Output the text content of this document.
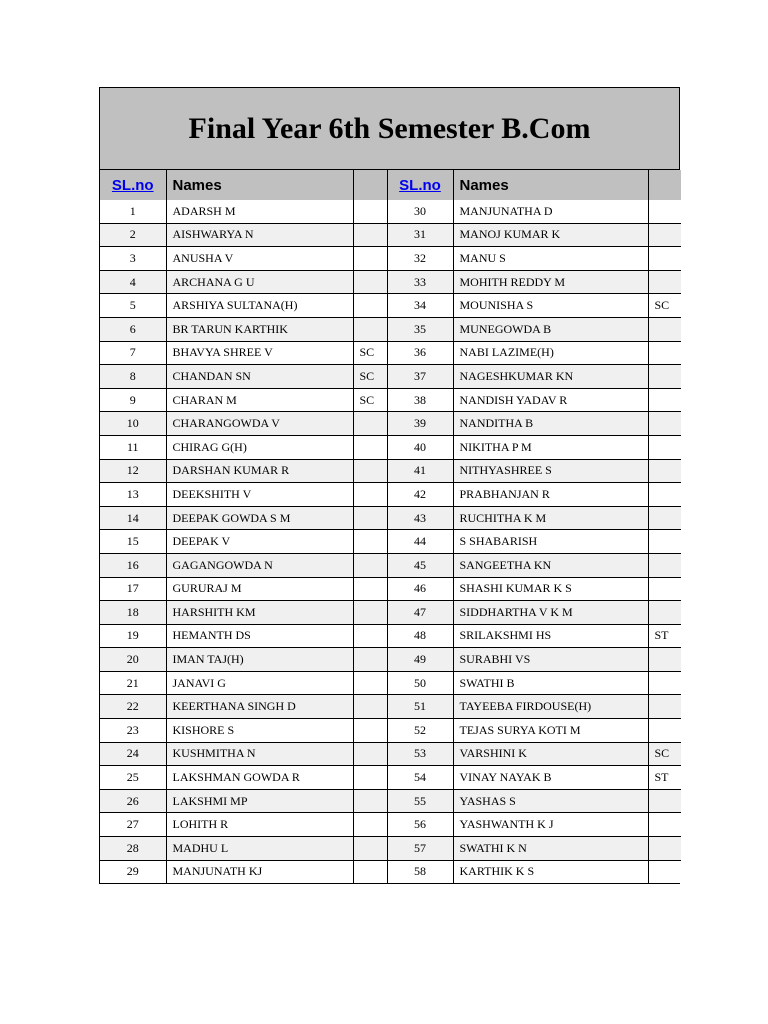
Final Year 6th Semester B.Com
SL.no	Names		SL.no	Names	
1	ADARSH M		30	MANJUNATHA D	
2	AISHWARYA N		31	MANOJ KUMAR K	
3	ANUSHA V		32	MANU S	
4	ARCHANA G U		33	MOHITH REDDY M	
5	ARSHIYA SULTANA(H)		34	MOUNISHA S	SC
6	BR TARUN KARTHIK		35	MUNEGOWDA B	
7	BHAVYA SHREE V	SC	36	NABI LAZIME(H)	
8	CHANDAN SN	SC	37	NAGESHKUMAR KN	
9	CHARAN M	SC	38	NANDISH YADAV R	
10	CHARANGOWDA V		39	NANDITHA B	
11	CHIRAG G(H)		40	NIKITHA P M	
12	DARSHAN KUMAR R		41	NITHYASHREE S	
13	DEEKSHITH V		42	PRABHANJAN R	
14	DEEPAK GOWDA S M		43	RUCHITHA K M	
15	DEEPAK V		44	S SHABARISH	
16	GAGANGOWDA N		45	SANGEETHA KN	
17	GURURAJ M		46	SHASHI KUMAR K S	
18	HARSHITH KM		47	SIDDHARTHA V K M	
19	HEMANTH DS		48	SRILAKSHMI HS	ST
20	IMAN TAJ(H)		49	SURABHI VS	
21	JANAVI G		50	SWATHI B	
22	KEERTHANA SINGH D		51	TAYEEBA FIRDOUSE(H)	
23	KISHORE S		52	TEJAS SURYA KOTI M	
24	KUSHMITHA N		53	VARSHINI K	SC
25	LAKSHMAN GOWDA R		54	VINAY NAYAK B	ST
26	LAKSHMI MP		55	YASHAS S	
27	LOHITH R		56	YASHWANTH K J	
28	MADHU L		57	SWATHI K N	
29	MANJUNATH KJ		58	KARTHIK K S	
